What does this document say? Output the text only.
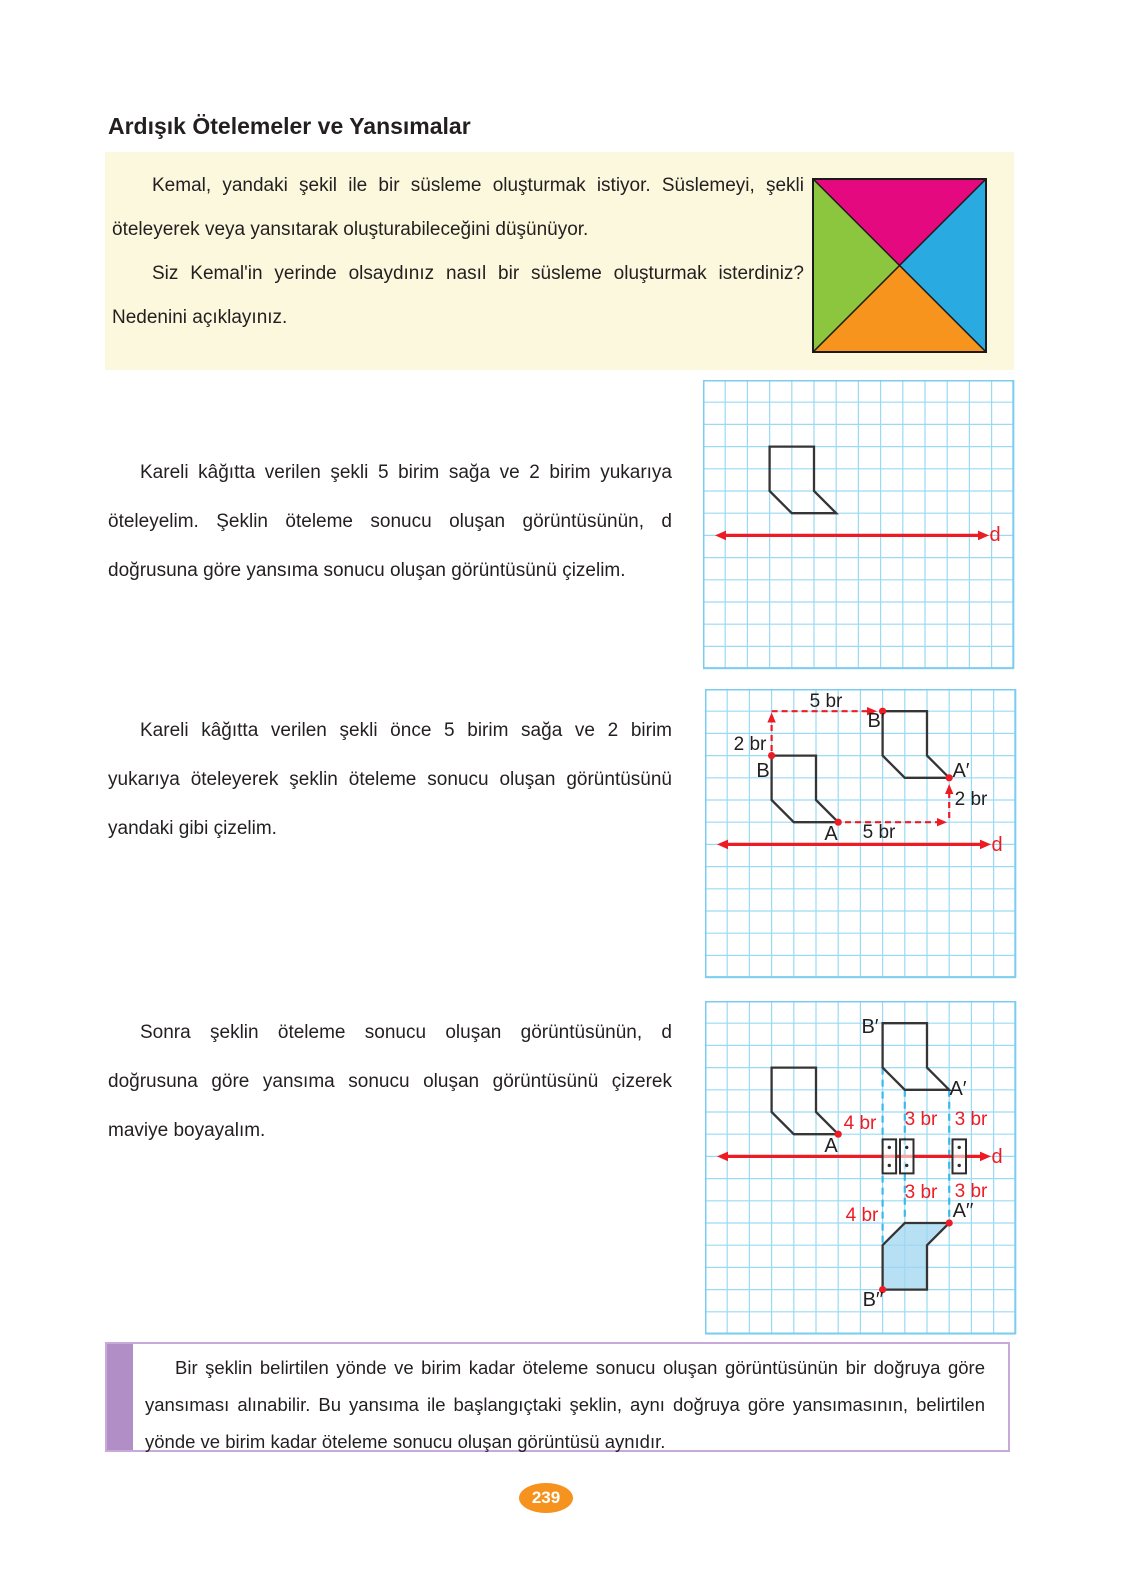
Ardışık Ötelemeler ve Yansımalar

Kemal, yandaki şekil ile bir süsleme oluşturmak istiyor. Süslemeyi, şekli öteleyerek veya yansıtarak oluşturabileceğini düşünüyor.

Siz Kemal'in yerinde olsaydınız nasıl bir süsleme oluşturmak isterdiniz? Nedenini açıklayınız.

Kareli kâğıtta verilen şekli 5 birim sağa ve 2 birim yukarıya öteleyelim. Şeklin öteleme sonucu oluşan görüntüsünün, d doğrusuna göre yansıma sonucu oluşan görüntüsünü çizelim.

d

Kareli kâğıtta verilen şekli önce 5 birim sağa ve 2 birim yukarıya öteleyerek şeklin öteleme sonucu oluşan görüntüsünü yandaki gibi çizelim.

5 br
2 br
B
B′
A
A′
2 br
5 br
d

Sonra şeklin öteleme sonucu oluşan görüntüsünün, d doğrusuna göre yansıma sonucu oluşan görüntüsünü çizerek maviye boyayalım.

A
B′
A′
4 br 3 br 3 br
3 br 3 br
4 br	A′′
B′′
d

Bir şeklin belirtilen yönde ve birim kadar öteleme sonucu oluşan görüntüsünün bir doğruya göre yansıması alınabilir. Bu yansıma ile başlangıçtaki şeklin, aynı doğruya göre yansımasının, belirtilen yönde ve birim kadar öteleme sonucu oluşan görüntüsü aynıdır.

239
